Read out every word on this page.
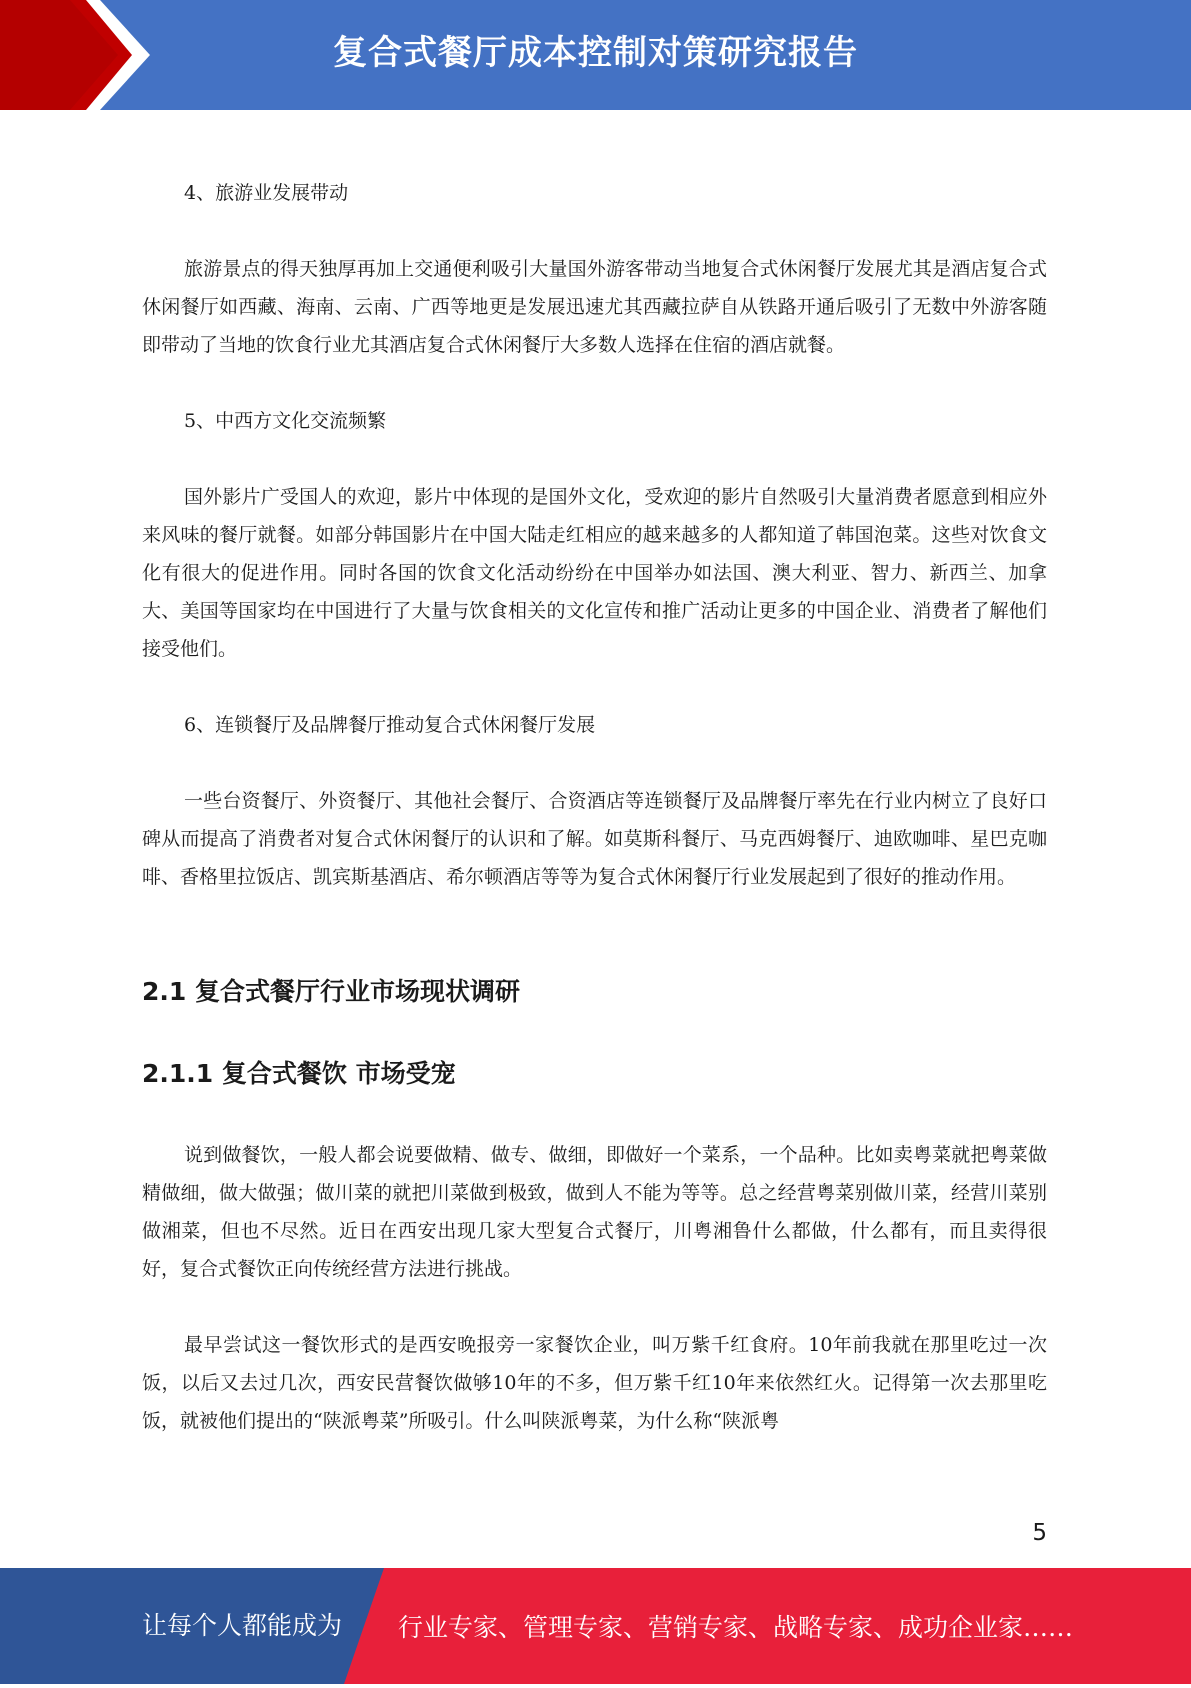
复合式餐厅成本控制对策研究报告

4、旅游业发展带动

旅游景点的得天独厚再加上交通便利吸引大量国外游客带动当地复合式休闲餐厅发展尤其是酒店复合式休闲餐厅如西藏、海南、云南、广西等地更是发展迅速尤其西藏拉萨自从铁路开通后吸引了无数中外游客随即带动了当地的饮食行业尤其酒店复合式休闲餐厅大多数人选择在住宿的酒店就餐。

5、中西方文化交流频繁

国外影片广受国人的欢迎，影片中体现的是国外文化，受欢迎的影片自然吸引大量消费者愿意到相应外来风味的餐厅就餐。如部分韩国影片在中国大陆走红相应的越来越多的人都知道了韩国泡菜。这些对饮食文化有很大的促进作用。同时各国的饮食文化活动纷纷在中国举办如法国、澳大利亚、智力、新西兰、加拿大、美国等国家均在中国进行了大量与饮食相关的文化宣传和推广活动让更多的中国企业、消费者了解他们接受他们。

6、连锁餐厅及品牌餐厅推动复合式休闲餐厅发展

一些台资餐厅、外资餐厅、其他社会餐厅、合资酒店等连锁餐厅及品牌餐厅率先在行业内树立了良好口碑从而提高了消费者对复合式休闲餐厅的认识和了解。如莫斯科餐厅、马克西姆餐厅、迪欧咖啡、星巴克咖啡、香格里拉饭店、凯宾斯基酒店、希尔顿酒店等等为复合式休闲餐厅行业发展起到了很好的推动作用。

2.1 复合式餐厅行业市场现状调研
2.1.1 复合式餐饮 市场受宠

说到做餐饮，一般人都会说要做精、做专、做细，即做好一个菜系，一个品种。比如卖粤菜就把粤菜做精做细，做大做强；做川菜的就把川菜做到极致，做到人不能为等等。总之经营粤菜别做川菜，经营川菜别做湘菜，但也不尽然。近日在西安出现几家大型复合式餐厅，川粤湘鲁什么都做，什么都有，而且卖得很好，复合式餐饮正向传统经营方法进行挑战。

最早尝试这一餐饮形式的是西安晚报旁一家餐饮企业，叫万紫千红食府。10年前我就在那里吃过一次饭，以后又去过几次，西安民营餐饮做够10年的不多，但万紫千红10年来依然红火。记得第一次去那里吃饭，就被他们提出的“陕派粤菜”所吸引。什么叫陕派粤菜，为什么称“陕派粤

5
让每个人都能成为 行业专家、管理专家、营销专家、战略专家、成功企业家……
